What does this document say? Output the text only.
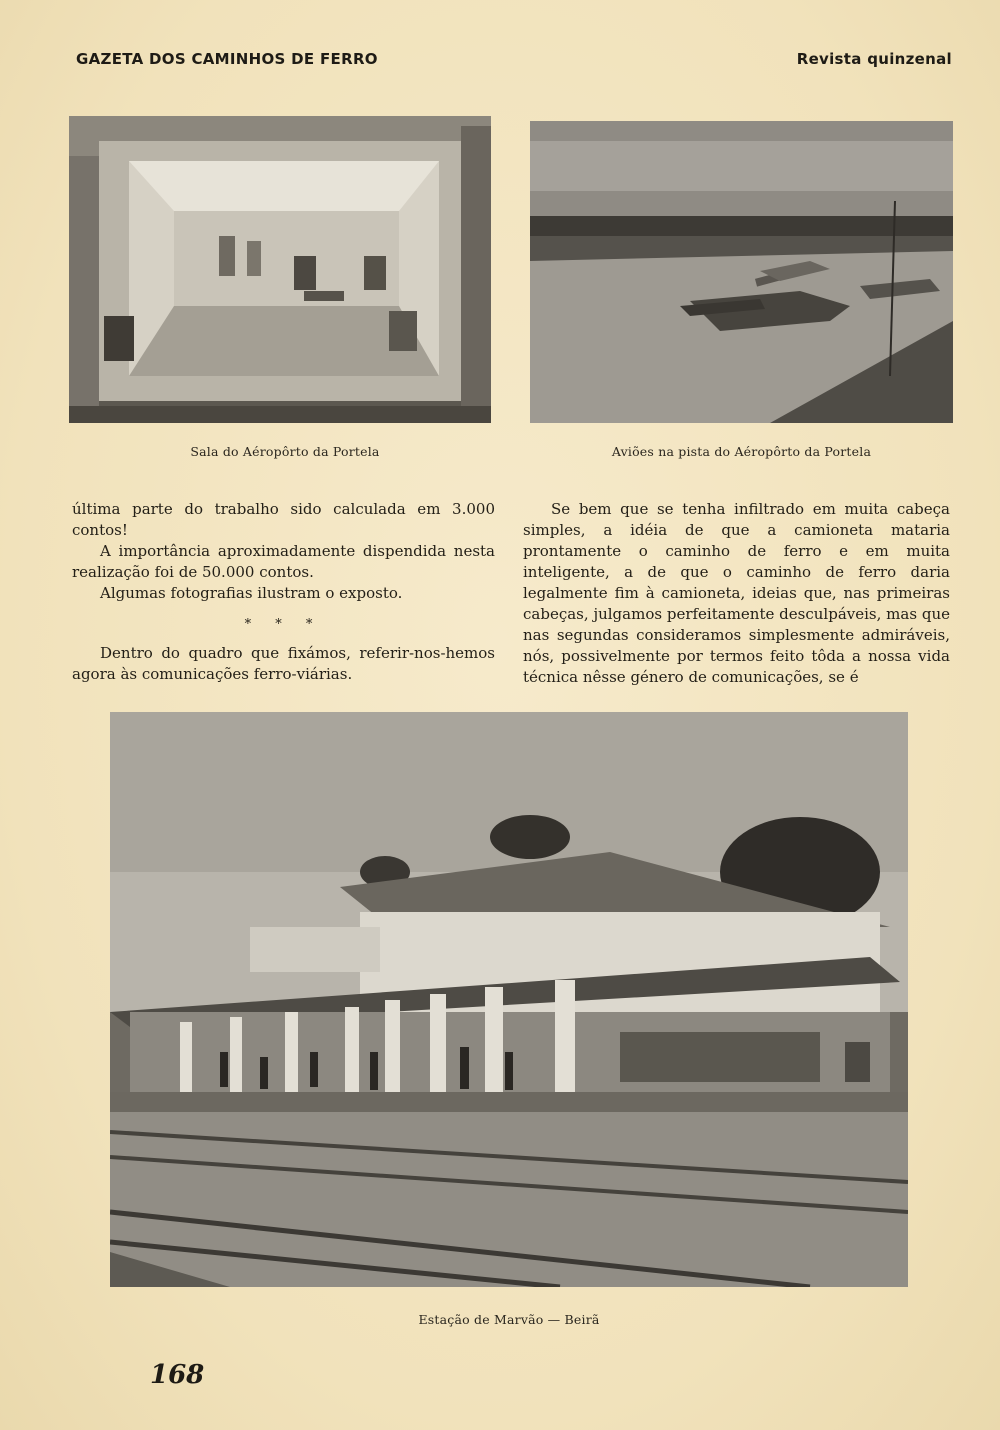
GAZETA DOS CAMINHOS DE FERRO	Revista quinzenal
Sala do Aéropôrto da Portela	Aviões na pista do Aéropôrto da Portela

última parte do trabalho sido calculada em 3.000 contos!

A importância aproximadamente dispendida nesta realização foi de 50.000 contos.

Algumas fotografias ilustram o exposto.

* * *

Dentro do quadro que fixámos, referir-nos-hemos agora às comunicações ferro-viárias.

Se bem que se tenha infiltrado em muita cabeça simples, a idéia de que a camioneta mataria prontamente o caminho de ferro e em muita inteligente, a de que o caminho de ferro daria legalmente fim à camioneta, ideias que, nas primeiras cabeças, julgamos perfeitamente desculpáveis, mas que nas segundas consideramos simplesmente admiráveis, nós, possivelmente por termos feito tôda a nossa vida técnica nêsse género de comunicações, se é

Estação de Marvão — Beirã
168
